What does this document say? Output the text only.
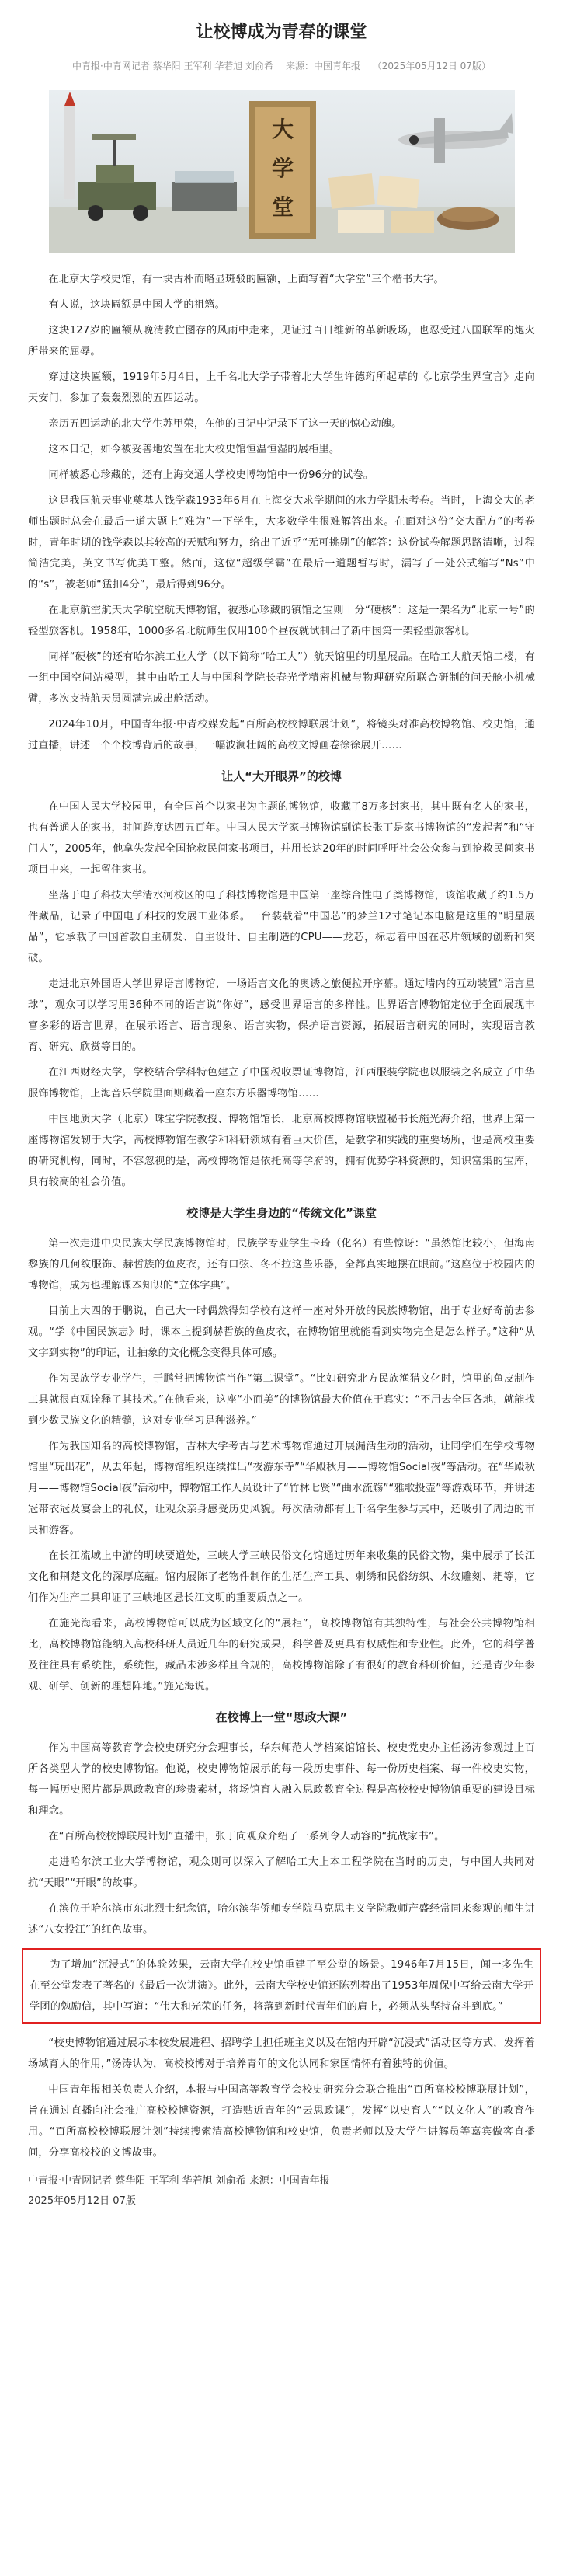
让校博成为青春的课堂
中青报·中青网记者 蔡华阳 王军利 华若旭 刘俞希 来源：中国青年报 （2025年05月12日 07版）
大
学
堂

在北京大学校史馆，有一块古朴而略显斑驳的匾额，上面写着“大学堂”三个楷书大字。

有人说，这块匾额是中国大学的祖籍。

这块127岁的匾额从晚清救亡图存的风雨中走来，见证过百日维新的革新吸场，也忍受过八国联军的炮火所带来的屈辱。

穿过这块匾额，1919年5月4日，上千名北大学子带着北大学生许德珩所起草的《北京学生界宣言》走向天安门，参加了轰轰烈烈的五四运动。

亲历五四运动的北大学生苏甲荣，在他的日记中记录下了这一天的惊心动魄。

这本日记，如今被妥善地安置在北大校史馆恒温恒湿的展柜里。

同样被悉心珍藏的，还有上海交通大学校史博物馆中一份96分的试卷。

这是我国航天事业奠基人钱学森1933年6月在上海交大求学期间的水力学期末考卷。当时，上海交大的老师出题时总会在最后一道大题上“难为”一下学生，大多数学生很难解答出来。在面对这份“交大配方”的考卷时，青年时期的钱学森以其较高的天赋和努力，给出了近乎“无可挑剔”的解答：这份试卷解题思路清晰，过程简洁完美，英文书写优美工整。然而，这位“超级学霸”在最后一道题暂写时，漏写了一处公式缩写“Ns”中的“s”，被老师“猛扣4分”，最后得到96分。

在北京航空航天大学航空航天博物馆，被悉心珍藏的镇馆之宝则十分“硬核”：这是一架名为“北京一号”的轻型旅客机。1958年，1000多名北航师生仅用100个昼夜就试制出了新中国第一架轻型旅客机。

同样“硬核”的还有哈尔滨工业大学（以下简称“哈工大”）航天馆里的明星展品。在哈工大航天馆二楼，有一组中国空间站模型，其中由哈工大与中国科学院长春光学精密机械与物理研究所联合研制的问天舱小机械臂，多次支持航天员圆满完成出舱活动。

2024年10月，中国青年报·中青校媒发起“百所高校校博联展计划”，将镜头对准高校博物馆、校史馆，通过直播，讲述一个个校博背后的故事，一幅波澜壮阔的高校文博画卷徐徐展开……

让人“大开眼界”的校博

在中国人民大学校园里，有全国首个以家书为主题的博物馆，收藏了8万多封家书，其中既有名人的家书，也有普通人的家书，时间跨度达四五百年。中国人民大学家书博物馆副馆长张丁是家书博物馆的“发起者”和“守门人”，2005年，他拿失发起全国抢救民间家书项目，并用长达20年的时间呼吁社会公众参与到抢救民间家书项目中来，一起留住家书。

坐落于电子科技大学清水河校区的电子科技博物馆是中国第一座综合性电子类博物馆，该馆收藏了约1.5万件藏品，记录了中国电子科技的发展工业体系。一台装载着“中国芯”的梦兰12寸笔记本电脑是这里的“明星展品”，它承载了中国首款自主研发、自主设计、自主制造的CPU——龙芯，标志着中国在芯片领域的创新和突破。

走进北京外国语大学世界语言博物馆，一场语言文化的奥诱之旅便拉开序幕。通过墙内的互动装置“语言星球”，观众可以学习用36种不同的语言说“你好”，感受世界语言的多样性。世界语言博物馆定位于全面展现丰富多彩的语言世界，在展示语言、语言现象、语言实物，保护语言资源，拓展语言研究的同时，实现语言教育、研究、欣赏等目的。

在江西财经大学，学校结合学科特色建立了中国税收票证博物馆，江西服装学院也以服装之名成立了中华服饰博物馆，上海音乐学院里面则藏着一座东方乐器博物馆……

中国地质大学（北京）珠宝学院教授、博物馆馆长，北京高校博物馆联盟秘书长施光海介绍，世界上第一座博物馆发轫于大学，高校博物馆在教学和科研领域有着巨大价值，是教学和实践的重要场所，也是高校重要的研究机构，同时，不容忽视的是，高校博物馆是依托高等学府的，拥有优势学科资源的，知识富集的宝库，具有较高的社会价值。

校博是大学生身边的“传统文化”课堂

第一次走进中央民族大学民族博物馆时，民族学专业学生卡琦（化名）有些惊讶：“虽然馆比较小，但海南黎族的几何纹服饰、赫哲族的鱼皮衣，还有口弦、冬不拉这些乐器，全都真实地摆在眼前。”这座位于校园内的博物馆，成为也理解课本知识的“立体字典”。

目前上大四的于鹏说，自己大一时偶然得知学校有这样一座对外开放的民族博物馆，出于专业好奇前去参观。“学《中国民族志》时，课本上提到赫哲族的鱼皮衣，在博物馆里就能看到实物完全是怎么样子。”这种“从文字到实物”的印证，让抽象的文化概念变得具体可感。

作为民族学专业学生，于鹏常把博物馆当作“第二课堂”。“比如研究北方民族渔猎文化时，馆里的鱼皮制作工具就很直观诠释了其技术。”在他看来，这座“小而美”的博物馆最大价值在于真实：“不用去全国各地，就能找到少数民族文化的精髓，这对专业学习是种滋养。”

作为我国知名的高校博物馆，吉林大学考古与艺术博物馆通过开展漏活生动的活动，让同学们在学校博物馆里“玩出花”，从去年起，博物馆组织连续推出“夜游东寺”“华殿秋月——博物馆Social夜”等活动。在“华殿秋月——博物馆Social夜”活动中，博物馆工作人员设计了“竹林七贤”“曲水流觞”“雅歌投壶”等游戏环节，并讲述冠带衣冠及宴会上的礼仪，让观众亲身感受历史风貌。每次活动都有上千名学生参与其中，还吸引了周边的市民和游客。

在长江流域上中游的明峡要道处，三峡大学三峡民俗文化馆通过历年来收集的民俗文物，集中展示了长江文化和荆楚文化的深厚底蕴。馆内展陈了老物件制作的生活生产工具、刺绣和民俗纺织、木纹雕刻、耙等，它们作为生产工具印证了三峡地区悬长江文明的重要质点之一。

在施光海看来，高校博物馆可以成为区域文化的“展柜”，高校博物馆有其独特性，与社会公共博物馆相比，高校博物馆能纳入高校科研人员近几年的研究成果，科学普及更具有权威性和专业性。此外，它的科学普及往往具有系统性，系统性，藏品未涉多样且合规的，高校博物馆除了有很好的教育科研价值，还是青少年参观、研学、创新的理想阵地。”施光海说。

在校博上一堂“思政大课”

作为中国高等教育学会校史研究分会理事长，华东师范大学档案馆馆长、校史党史办主任汤涛参观过上百所各类型大学的校史博物馆。他说，校史博物馆展示的每一段历史事件、每一份历史档案、每一件校史实物，每一幅历史照片都是思政教育的珍贵素材，将场馆育人融入思政教育全过程是高校校史博物馆重要的建设目标和理念。

在“百所高校校博联展计划”直播中，张丁向观众介绍了一系列令人动容的“抗战家书”。

走进哈尔滨工业大学博物馆，观众则可以深入了解哈工大上本工程学院在当时的历史，与中国人共同对抗“天眼”“开眼”的故事。

在滨位于哈尔滨市东北烈士纪念馆，哈尔滨华侨师专学院马克思主义学院教师产盛经常同来参观的师生讲述“八女投江”的红色故事。

为了增加“沉浸式”的体验效果，云南大学在校史馆重建了至公堂的场景。1946年7月15日，闻一多先生在至公堂发表了著名的《最后一次讲演》。此外，云南大学校史馆还陈列着出了1953年周保中写给云南大学开学团的勉励信，其中写道：“伟大和光荣的任务，将落到新时代青年们的肩上，必须从头坚持奋斗到底。”

“校史博物馆通过展示本校发展进程、招聘学士担任班主义以及在馆内开辟“沉浸式”活动区等方式，发挥着场域育人的作用，”汤涛认为，高校校博对于培养青年的文化认同和家国情怀有着独特的价值。

中国青年报相关负责人介绍，本报与中国高等教育学会校史研究分会联合推出“百所高校校博联展计划”，旨在通过直播向社会推广高校校博资源，打造贴近青年的“云思政课”，发挥“以史育人”“以文化人”的教育作用。“百所高校校博联展计划”持续搜索清高校博物馆和校史馆，负责老师以及大学生讲解员等嘉宾做客直播间，分享高校校的文博故事。

中青报·中青网记者 蔡华阳 王军利 华若旭 刘俞希 来源：中国青年报
2025年05月12日 07版
